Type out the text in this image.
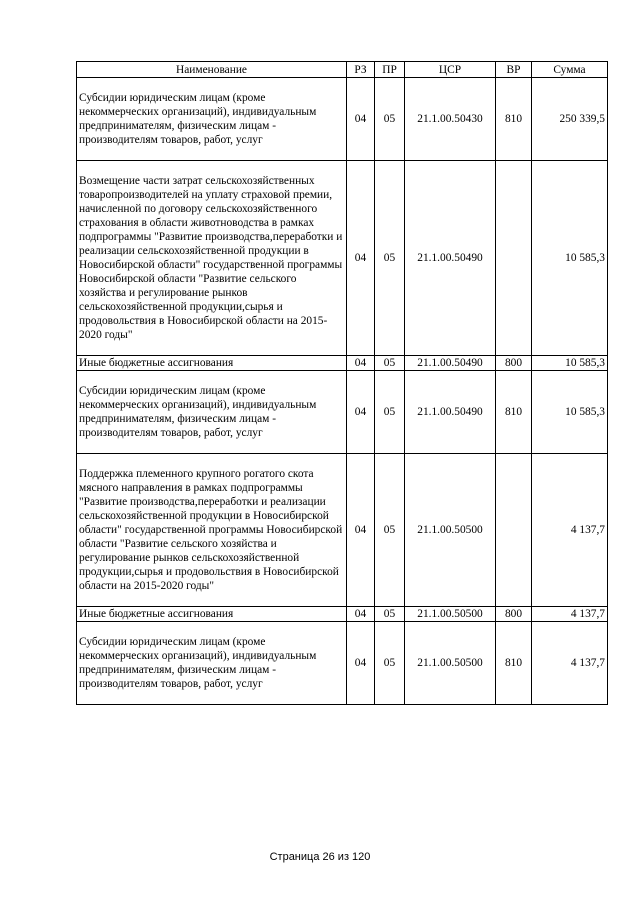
Наименование	РЗ	ПР	ЦСР	ВР	Сумма
Субсидии юридическим лицам (кроме некоммерческих организаций), индивидуальным предпринимателям, физическим лицам - производителям товаров, работ, услуг	04	05	21.1.00.50430	810	250 339,5
Возмещение части затрат сельскохозяйственных товаропроизводителей на уплату страховой премии, начисленной по договору сельскохозяйственного страхования в области животноводства в рамках подпрограммы "Развитие производства,переработки и реализации сельскохозяйственной продукции в Новосибирской области" государственной программы Новосибирской области "Развитие сельского хозяйства и регулирование рынков сельскохозяйственной продукции,сырья и продовольствия в Новосибирской области на 2015-2020 годы"	04	05	21.1.00.50490		10 585,3
Иные бюджетные ассигнования	04	05	21.1.00.50490	800	10 585,3
Субсидии юридическим лицам (кроме некоммерческих организаций), индивидуальным предпринимателям, физическим лицам - производителям товаров, работ, услуг	04	05	21.1.00.50490	810	10 585,3
Поддержка племенного крупного рогатого скота мясного направления в рамках подпрограммы "Развитие производства,переработки и реализации сельскохозяйственной продукции в Новосибирской области" государственной программы Новосибирской области "Развитие сельского хозяйства и регулирование рынков сельскохозяйственной продукции,сырья и продовольствия в Новосибирской области на 2015-2020 годы"	04	05	21.1.00.50500		4 137,7
Иные бюджетные ассигнования	04	05	21.1.00.50500	800	4 137,7
Субсидии юридическим лицам (кроме некоммерческих организаций), индивидуальным предпринимателям, физическим лицам - производителям товаров, работ, услуг	04	05	21.1.00.50500	810	4 137,7
Страница 26 из 120
